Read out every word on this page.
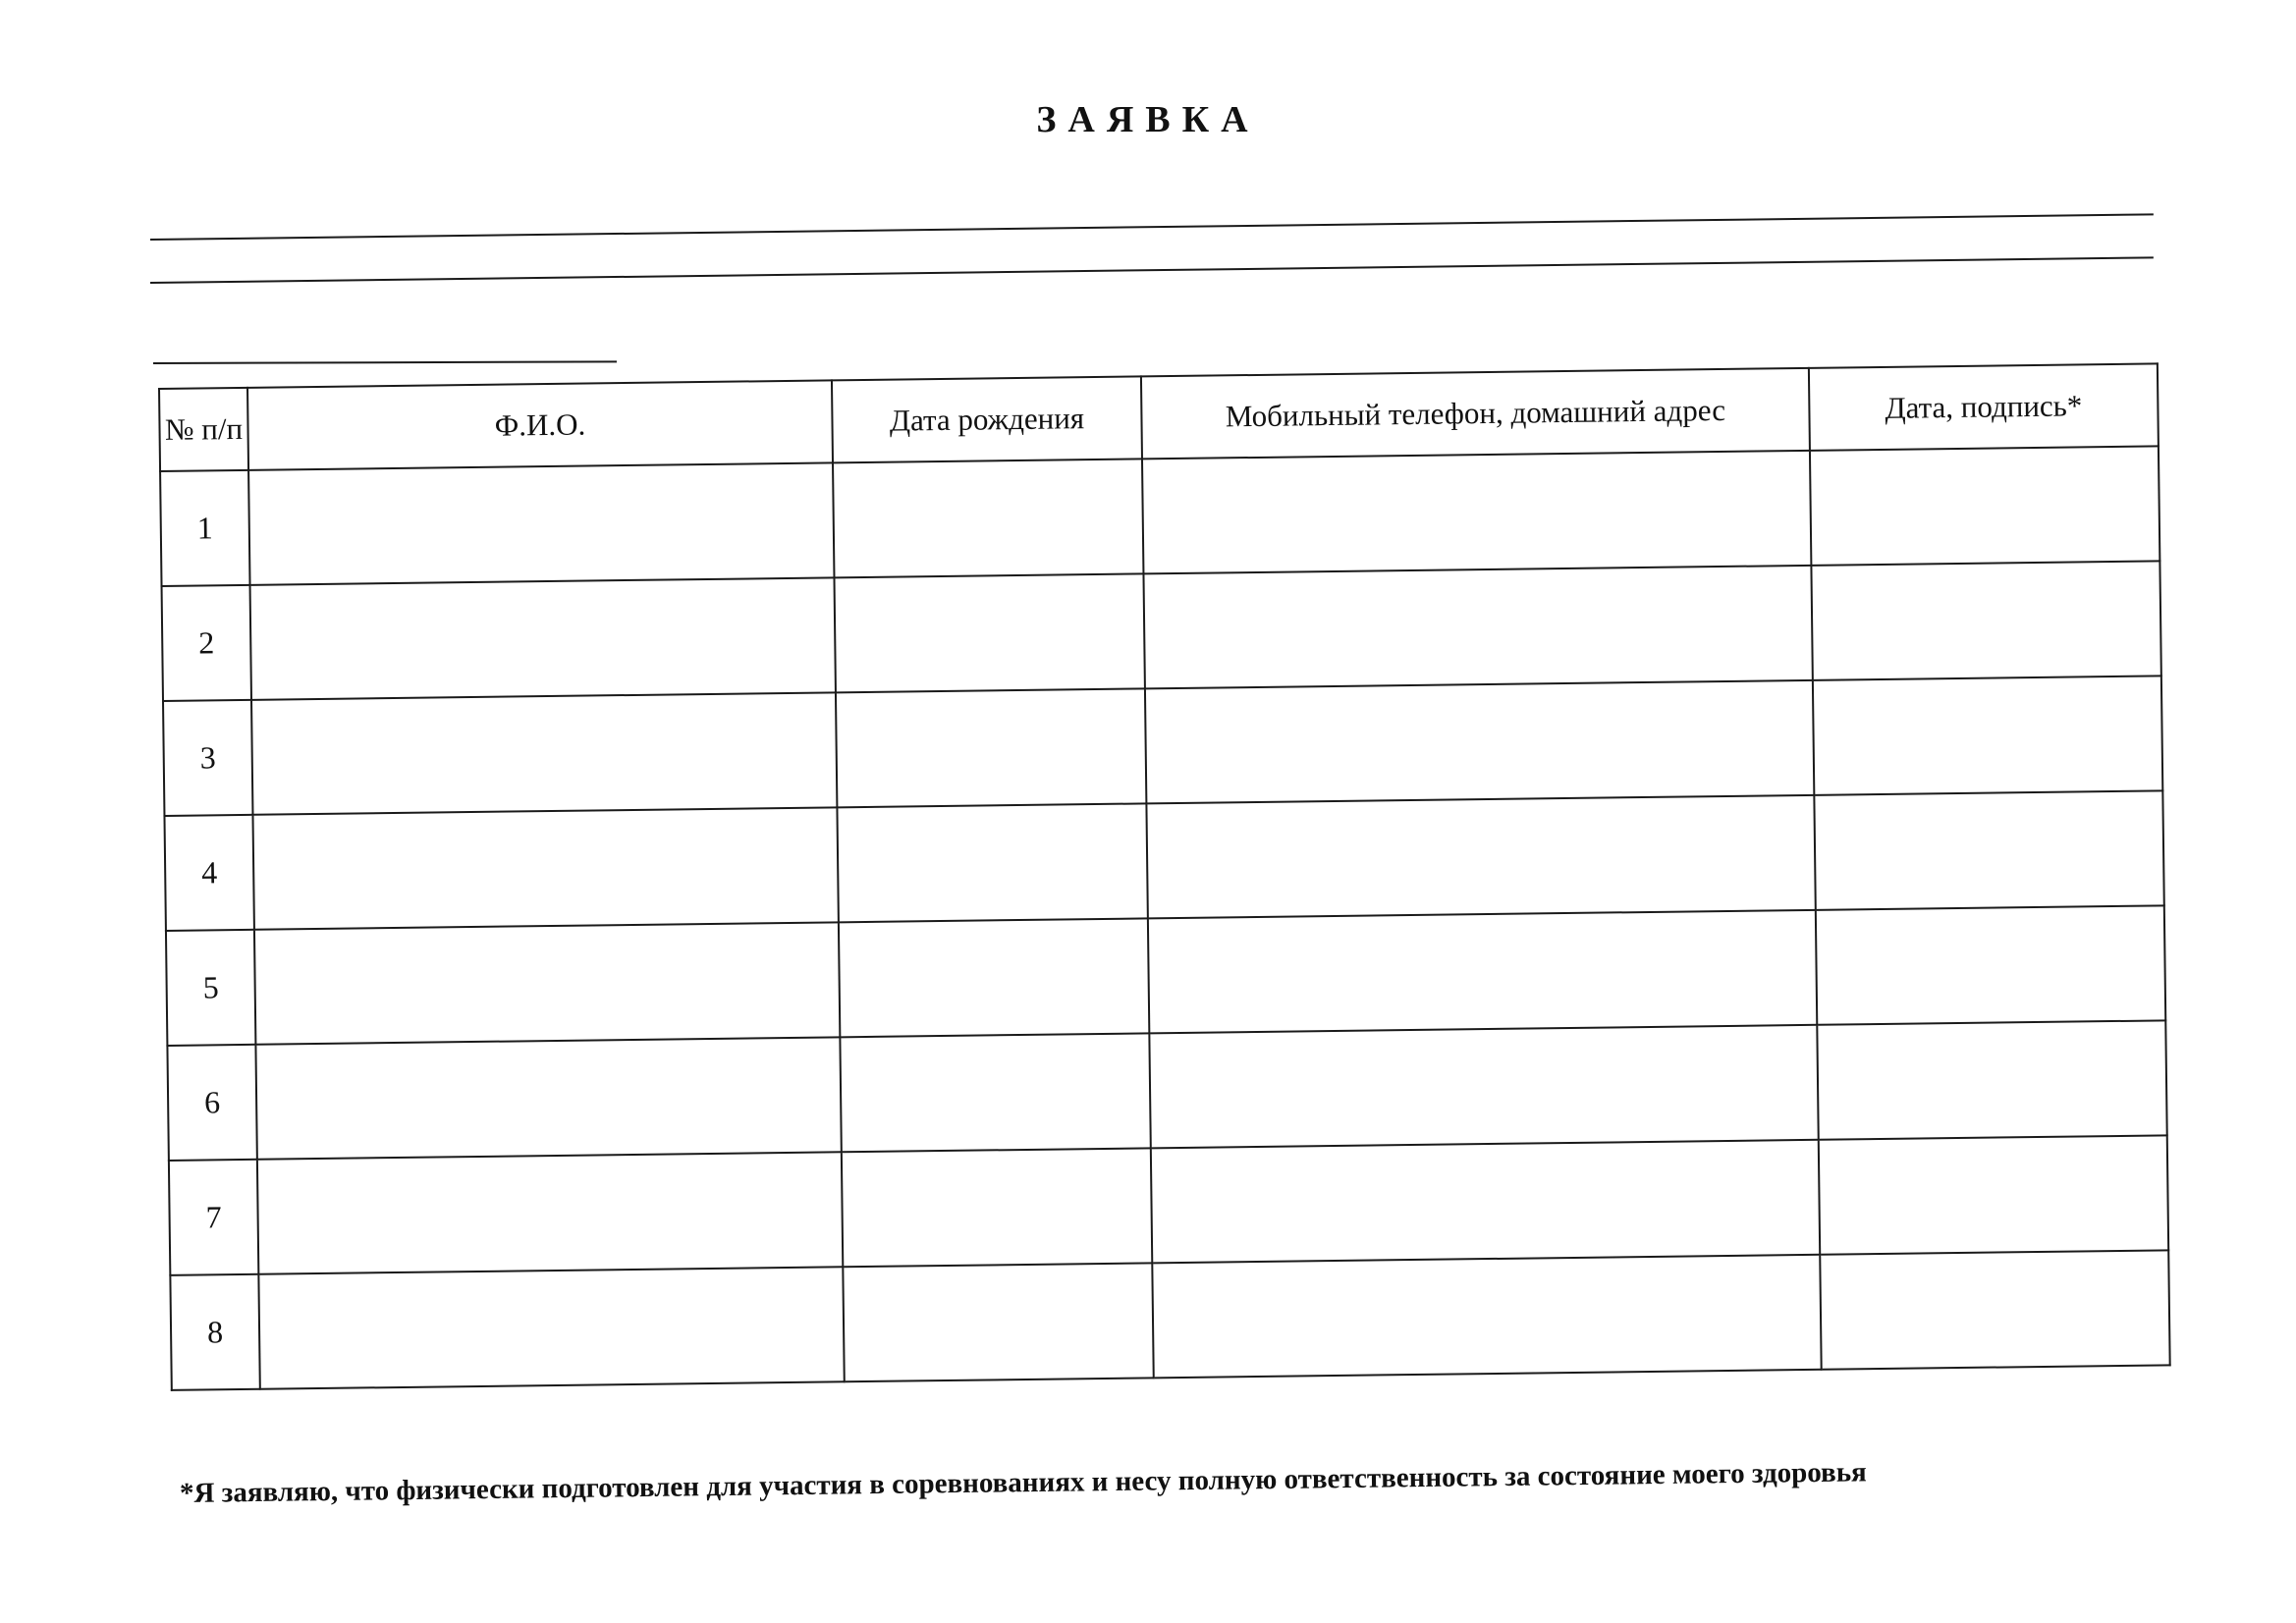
ЗАЯВКА
№ п/п	Ф.И.О.	Дата рождения	Мобильный телефон, домашний адрес	Дата, подпись*
1				
2				
3				
4				
5				
6				
7				
8				
*Я заявляю, что физически подготовлен для участия в соревнованиях и несу полную ответственность за состояние моего здоровья
